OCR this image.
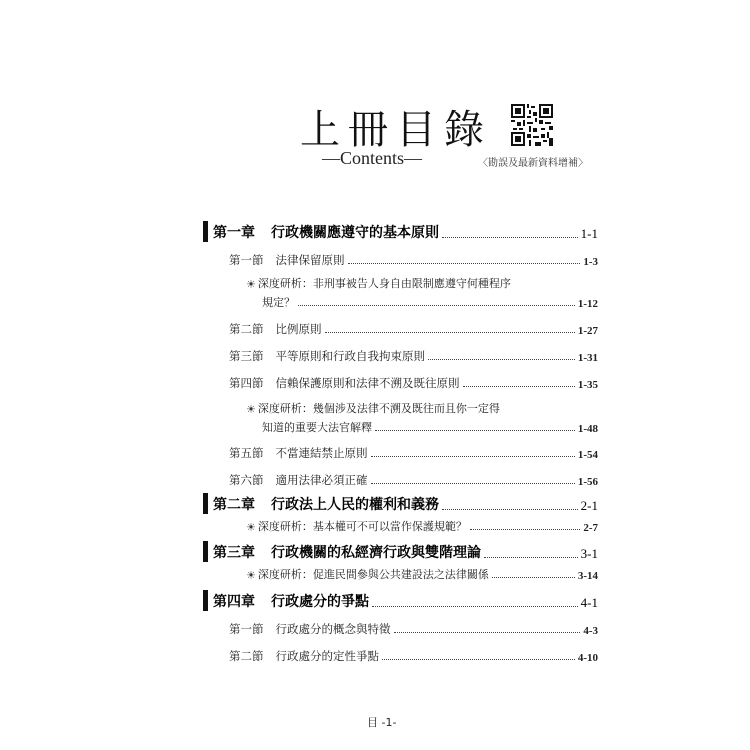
上冊目錄
—Contents—	〈勘誤及最新資料增補〉
第一章 行政機關應遵守的基本原則	1-1
第一節 法律保留原則	1-3
☀ 深度研析： 非刑事被告人身自由限制應遵守何種程序
規定？	1-12
第二節 比例原則	1-27
第三節 平等原則和行政自我拘束原則	1-31
第四節 信賴保護原則和法律不溯及既往原則	1-35
☀ 深度研析： 幾個涉及法律不溯及既往而且你一定得
知道的重要大法官解釋	1-48
第五節 不當連結禁止原則	1-54
第六節 適用法律必須正確	1-56
第二章 行政法上人民的權利和義務	2-1
☀ 深度研析： 基本權可不可以當作保護規範？	2-7
第三章 行政機關的私經濟行政與雙階理論	3-1
☀ 深度研析： 促進民間參與公共建設法之法律關係	3-14
第四章 行政處分的爭點	4-1
第一節 行政處分的概念與特徵	4-3
第二節 行政處分的定性爭點	4-10
目 -1-
